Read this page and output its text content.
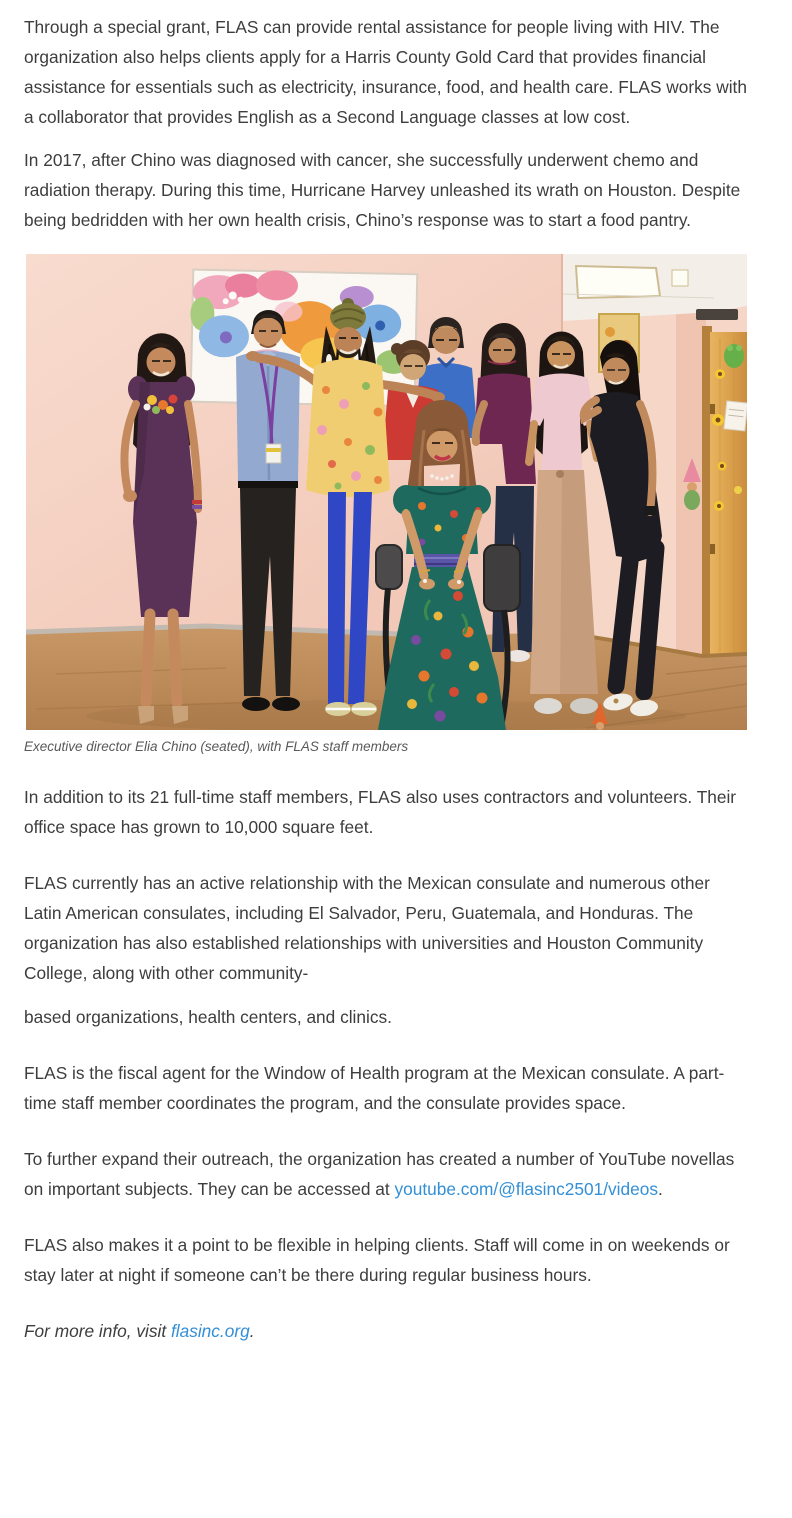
Through a special grant, FLAS can provide rental assistance for people living with HIV. The organization also helps clients apply for a Harris County Gold Card that provides financial assistance for essentials such as electricity, insurance, food, and health care. FLAS works with a collaborator that provides English as a Second Language classes at low cost.

In 2017, after Chino was diagnosed with cancer, she successfully underwent chemo and radiation therapy. During this time, Hurricane Harvey unleashed its wrath on Houston. Despite being bedridden with her own health crisis, Chino’s response was to start a food pantry.

Executive director Elia Chino (seated), with FLAS staff members

In addition to its 21 full-time staff members, FLAS also uses contractors and volunteers. Their office space has grown to 10,000 square feet.

FLAS currently has an active relationship with the Mexican consulate and numerous other Latin American consulates, including El Salvador, Peru, Guatemala, and Honduras. The organization has also established relationships with universities and Houston Community College, along with other community-

based organizations, health centers, and clinics.

FLAS is the fiscal agent for the Window of Health program at the Mexican consulate. A part-time staff member coordinates the program, and the consulate provides space.

To further expand their outreach, the organization has created a number of YouTube novellas on important subjects. They can be accessed at youtube.com/@flasinc2501/videos.

FLAS also makes it a point to be flexible in helping clients. Staff will come in on weekends or stay later at night if someone can’t be there during regular business hours.

For more info, visit flasinc.org.
